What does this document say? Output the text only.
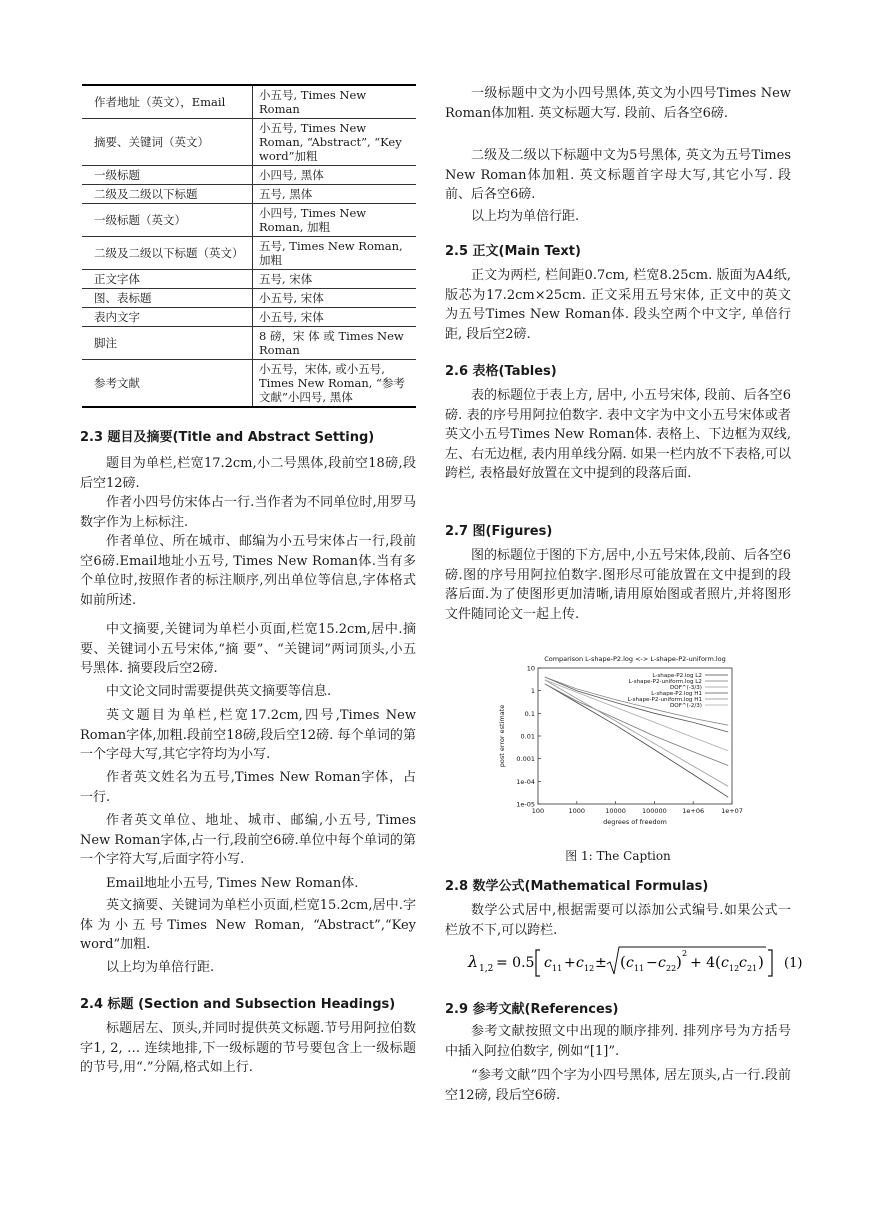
作者地址（英文），Email	小五号, Times New Roman
摘要、关键词（英文）	小五号, Times New Roman, “Abstract”, “Key word”加粗
一级标题	小四号, 黑体
二级及二级以下标题	五号, 黑体
一级标题（英文）	小四号, Times New Roman, 加粗
二级及二级以下标题（英文）	五号, Times New Roman, 加粗
正文字体	五号, 宋体
图、表标题	小五号, 宋体
表内文字	小五号, 宋体
脚注	8 磅，宋 体 或 Times New Roman
参考文献	小五号，宋体, 或小五号, Times New Roman, “参考文献”小四号, 黑体
2.3 题目及摘要(Title and Abstract Setting)
题目为单栏,栏宽17.2cm,小二号黑体,段前空18磅,段后空12磅.
作者小四号仿宋体占一行.当作者为不同单位时,用罗马数字作为上标标注.
作者单位、所在城市、邮编为小五号宋体占一行,段前空6磅.Email地址小五号, Times New Roman体.当有多个单位时,按照作者的标注顺序,列出单位等信息,字体格式如前所述.
中文摘要,关键词为单栏小页面,栏宽15.2cm,居中.摘要、关键词小五号宋体,“摘 要”、“关键词”两词顶头,小五号黑体. 摘要段后空2磅.
中文论文同时需要提供英文摘要等信息.
英文题目为单栏,栏宽17.2cm,四号,Times New Roman字体,加粗.段前空18磅,段后空12磅. 每个单词的第一个字母大写,其它字符均为小写.
作者英文姓名为五号,Times New Roman字体，占一行.
作者英文单位、地址、城市、邮编,小五号, Times New Roman字体,占一行,段前空6磅.单位中每个单词的第一个字符大写,后面字符小写.
Email地址小五号, Times New Roman体.
英文摘要、关键词为单栏小页面,栏宽15.2cm,居中.字体为小五号Times New Roman, “Abstract”,“Key word”加粗.
以上均为单倍行距.
2.4 标题 (Section and Subsection Headings)
标题居左、顶头,并同时提供英文标题.节号用阿拉伯数字1, 2, … 连续地排,下一级标题的节号要包含上一级标题的节号,用“.”分隔,格式如上行.
一级标题中文为小四号黑体,英文为小四号Times New Roman体加粗. 英文标题大写. 段前、后各空6磅.
二级及二级以下标题中文为5号黑体, 英文为五号Times New Roman体加粗. 英文标题首字母大写,其它小写. 段前、后各空6磅.
以上均为单倍行距.
2.5 正文(Main Text)
正文为两栏, 栏间距0.7cm, 栏宽8.25cm. 版面为A4纸, 版芯为17.2cm×25cm. 正文采用五号宋体, 正文中的英文为五号Times New Roman体. 段头空两个中文字, 单倍行距, 段后空2磅.
2.6 表格(Tables)
表的标题位于表上方, 居中, 小五号宋体, 段前、后各空6磅. 表的序号用阿拉伯数字. 表中文字为中文小五号宋体或者英文小五号Times New Roman体. 表格上、下边框为双线, 左、右无边框, 表内用单线分隔. 如果一栏内放不下表格,可以跨栏, 表格最好放置在文中提到的段落后面.
2.7 图(Figures)
图的标题位于图的下方,居中,小五号宋体,段前、后各空6磅.图的序号用阿拉伯数字.图形尽可能放置在文中提到的段落后面.为了使图形更加清晰,请用原始图或者照片,并将图形文件随同论文一起上传.
100	1000	10000 100000 1e+06	1e+07
10
1
0.1
0.01
0.001
1e-04
1e-05
Comparison L-shape-P2.log <-> L-shape-P2-uniform.log
degrees of freedom
post error estimate
L-shape-P2.log L2
L-shape-P2-uniform.log L2
DOF^(-3/3)
L-shape-P2.log H1
L-shape-P2-uniform.log H1
DOF^(-2/3)
图 1: The Caption
2.8 数学公式(Mathematical Formulas)
数学公式居中,根据需要可以添加公式编号.如果公式一栏放不下,可以跨栏.
λ 1,2 = 0.5 c 11 + c 12 ± ( c 11 − c 22 ) 2
+ 4 ( c 12 c 21 ) (1)
2.9 参考文献(References)
参考文献按照文中出现的顺序排列. 排列序号为方括号中插入阿拉伯数字, 例如“[1]”.
“参考文献”四个字为小四号黑体, 居左顶头,占一行.段前空12磅, 段后空6磅.
